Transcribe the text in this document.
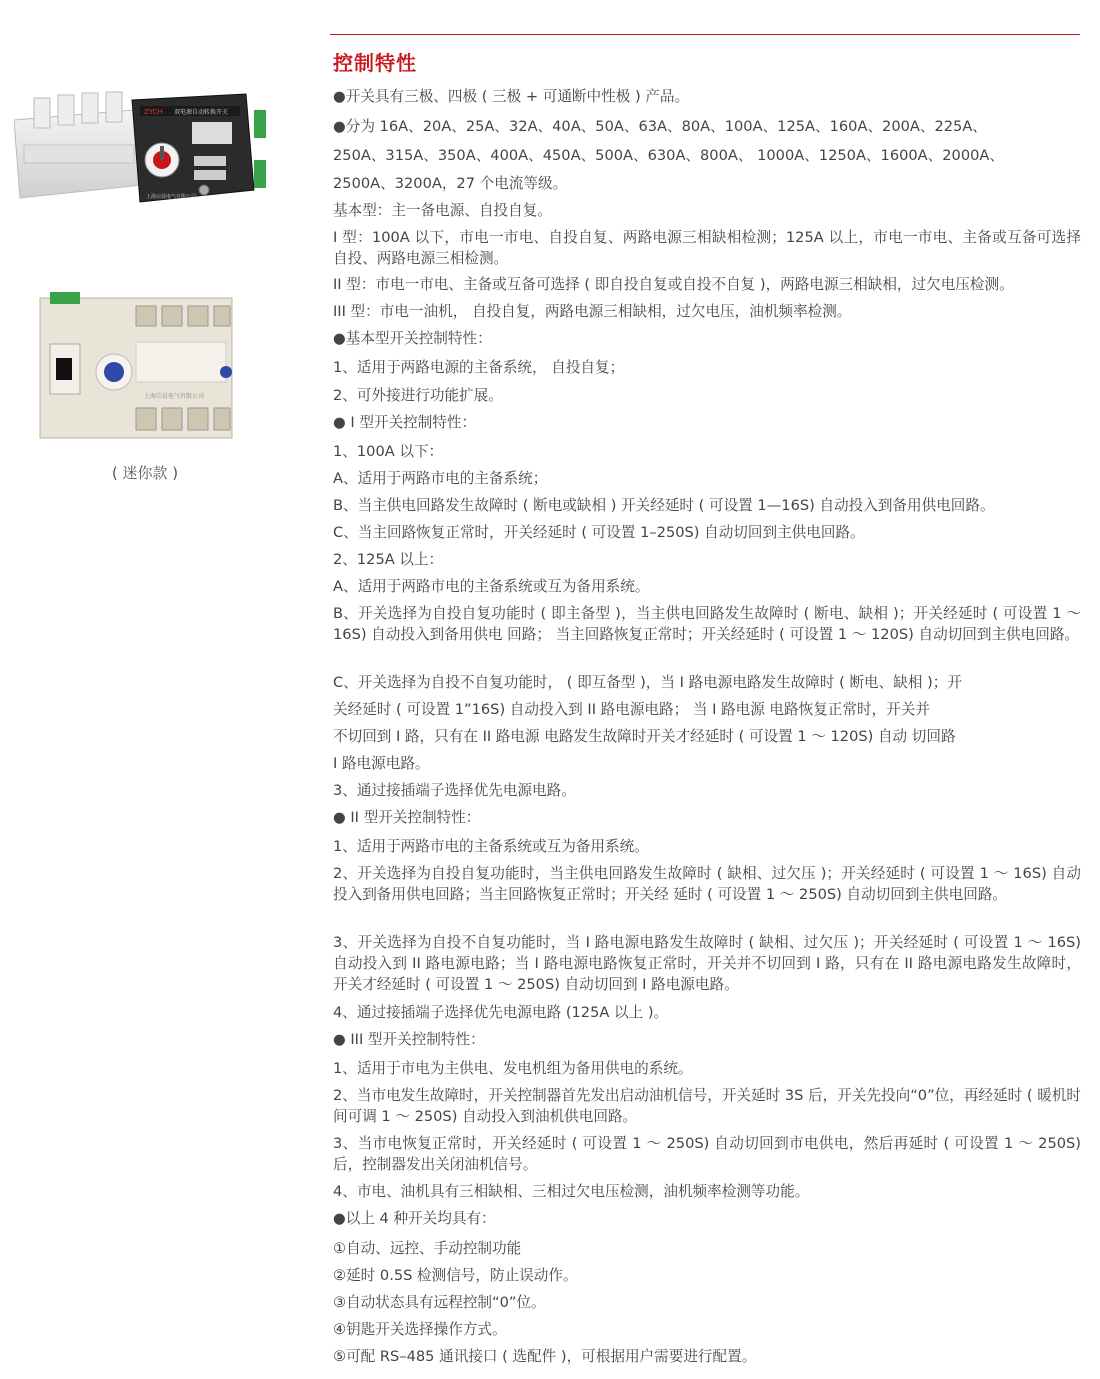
ZYCH 双电源自动转换开关
上海宗晨电气有限公司
上海宗晨电气有限公司
( 迷你款 )
控制特性
●开关具有三极、四极 ( 三极 + 可通断中性极 ) 产品。
●分为 16A、20A、25A、32A、40A、50A、63A、80A、100A、125A、160A、200A、225A、
250A、315A、350A、400A、450A、500A、630A、800A、 1000A、1250A、1600A、2000A、
2500A、3200A，27 个电流等级。
基本型：主一备电源、自投自复。
I 型：100A 以下，市电一市电、自投自复、两路电源三相缺相检测；125A 以上，市电一市电、主备或互备可选择自投、两路电源三相检测。
II 型：市电一市电、主备或互备可选择 ( 即自投自复或自投不自复 )，两路电源三相缺相，过欠电压检测。
III 型：市电一油机， 自投自复，两路电源三相缺相，过欠电压，油机频率检测。
●基本型开关控制特性：
1、适用于两路电源的主备系统， 自投自复；
2、可外接进行功能扩展。
● I 型开关控制特性：
1、100A 以下：
A、适用于两路市电的主备系统；
B、当主供电回路发生故障时 ( 断电或缺相 ) 开关经延时 ( 可设置 1—16S) 自动投入到备用供电回路。
C、当主回路恢复正常时，开关经延时 ( 可设置 1–250S) 自动切回到主供电回路。
2、125A 以上：
A、适用于两路市电的主备系统或互为备用系统。
B、开关选择为自投自复功能时 ( 即主备型 )，当主供电回路发生故障时 ( 断电、缺相 )；开关经延时 ( 可设置 1 ～ 16S) 自动投入到备用供电 回路； 当主回路恢复正常时；开关经延时 ( 可设置 1 ～ 120S) 自动切回到主供电回路。
C、开关选择为自投不自复功能时， ( 即互备型 )，当 I 路电源电路发生故障时 ( 断电、缺相 )；开
关经延时 ( 可设置 1”16S) 自动投入到 II 路电源电路； 当 I 路电源 电路恢复正常时，开关并
不切回到 I 路，只有在 II 路电源 电路发生故障时开关才经延时 ( 可设置 1 ～ 120S) 自动 切回路
I 路电源电路。
3、通过接插端子选择优先电源电路。
● II 型开关控制特性：
1、适用于两路市电的主备系统或互为备用系统。
2、开关选择为自投自复功能时，当主供电回路发生故障时 ( 缺相、过欠压 )；开关经延时 ( 可设置 1 ～ 16S) 自动投入到备用供电回路；当主回路恢复正常时；开关经 延时 ( 可设置 1 ～ 250S) 自动切回到主供电回路。
3、开关选择为自投不自复功能时，当 I 路电源电路发生故障时 ( 缺相、过欠压 )；开关经延时 ( 可设置 1 ～ 16S) 自动投入到 II 路电源电路；当 I 路电源电路恢复正常时，开关并不切回到 I 路，只有在 II 路电源电路发生故障时，开关才经延时 ( 可设置 1 ～ 250S) 自动切回到 I 路电源电路。
4、通过接插端子选择优先电源电路 (125A 以上 )。
● III 型开关控制特性：
1、适用于市电为主供电、发电机组为备用供电的系统。
2、当市电发生故障时，开关控制器首先发出启动油机信号，开关延时 3S 后，开关先投向“0”位，再经延时 ( 暖机时间可调 1 ～ 250S) 自动投入到油机供电回路。
3、当市电恢复正常时，开关经延时 ( 可设置 1 ～ 250S) 自动切回到市电供电，然后再延时 ( 可设置 1 ～ 250S) 后，控制器发出关闭油机信号。
4、市电、油机具有三相缺相、三相过欠电压检测，油机频率检测等功能。
●以上 4 种开关均具有：
①自动、远控、手动控制功能
②延时 0.5S 检测信号，防止误动作。
③自动状态具有远程控制“0”位。
④钥匙开关选择操作方式。
⑤可配 RS–485 通讯接口 ( 选配件 )，可根据用户需要进行配置。
